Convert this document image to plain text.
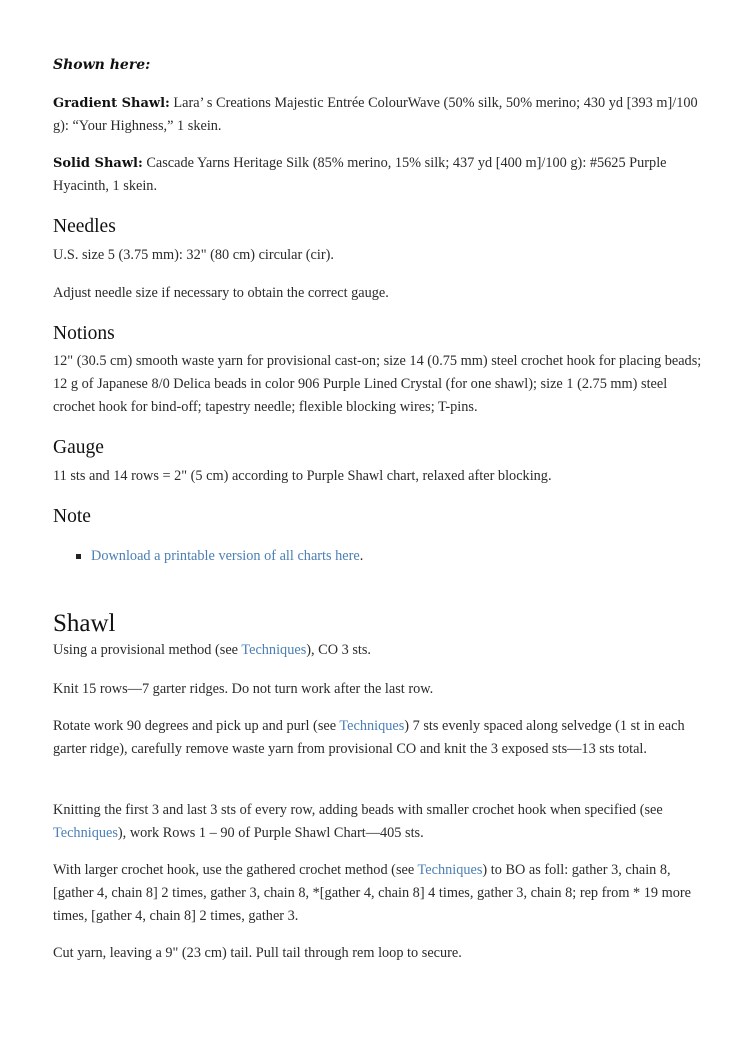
Shown here:

Gradient Shawl: Lara’ s Creations Majestic Entrée ColourWave (50% silk, 50% merino; 430 yd [393 m]/100 g): “Your Highness,” 1 skein.

Solid Shawl: Cascade Yarns Heritage Silk (85% merino, 15% silk; 437 yd [400 m]/100 g): #5625 Purple Hyacinth, 1 skein.

Needles

U.S. size 5 (3.75 mm): 32" (80 cm) circular (cir).

Adjust needle size if necessary to obtain the correct gauge.

Notions

12" (30.5 cm) smooth waste yarn for provisional cast-on; size 14 (0.75 mm) steel crochet hook for placing beads; 12 g of Japanese 8/0 Delica beads in color 906 Purple Lined Crystal (for one shawl); size 1 (2.75 mm) steel crochet hook for bind-off; tapestry needle; flexible blocking wires; T-pins.

Gauge

11 sts and 14 rows = 2" (5 cm) according to Purple Shawl chart, relaxed after blocking.

Note
Download a printable version of all charts here.
Shawl

Using a provisional method (see Techniques), CO 3 sts.

Knit 15 rows—7 garter ridges. Do not turn work after the last row.

Rotate work 90 degrees and pick up and purl (see Techniques) 7 sts evenly spaced along selvedge (1 st in each garter ridge), carefully remove waste yarn from provisional CO and knit the 3 exposed sts—13 sts total.

Knitting the first 3 and last 3 sts of every row, adding beads with smaller crochet hook when specified (see Techniques), work Rows 1 – 90 of Purple Shawl Chart—405 sts.

With larger crochet hook, use the gathered crochet method (see Techniques) to BO as foll: gather 3, chain 8, [gather 4, chain 8] 2 times, gather 3, chain 8, *[gather 4, chain 8] 4 times, gather 3, chain 8; rep from * 19 more times, [gather 4, chain 8] 2 times, gather 3.

Cut yarn, leaving a 9" (23 cm) tail. Pull tail through rem loop to secure.
